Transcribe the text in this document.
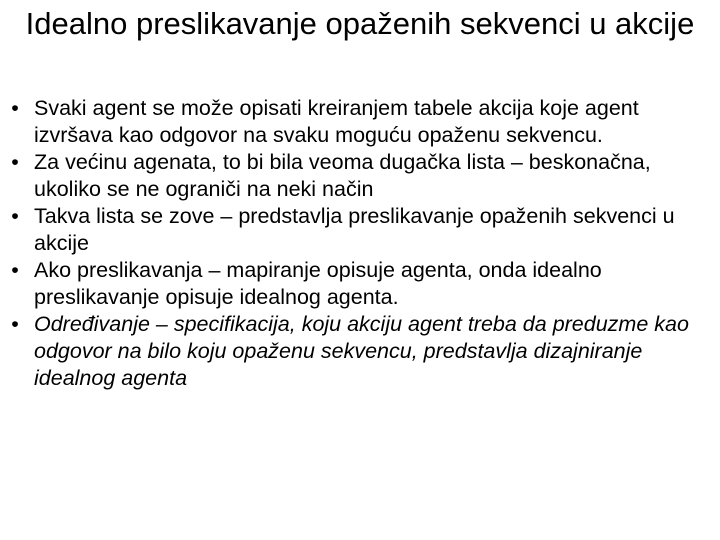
Idealno preslikavanje opaženih sekvenci u akcije
• Svaki agent se može opisati kreiranjem tabele akcija koje agent izvršava kao odgovor na svaku moguću opaženu sekvencu.
• Za većinu agenata, to bi bila veoma dugačka lista – beskonačna, ukoliko se ne ograniči na neki način
• Takva lista se zove – predstavlja preslikavanje opaženih sekvenci u akcije
• Ako preslikavanja – mapiranje opisuje agenta, onda idealno preslikavanje opisuje idealnog agenta.
• Određivanje – specifikacija, koju akciju agent treba da preduzme kao odgovor na bilo koju opaženu sekvencu, predstavlja dizajniranje idealnog agenta
